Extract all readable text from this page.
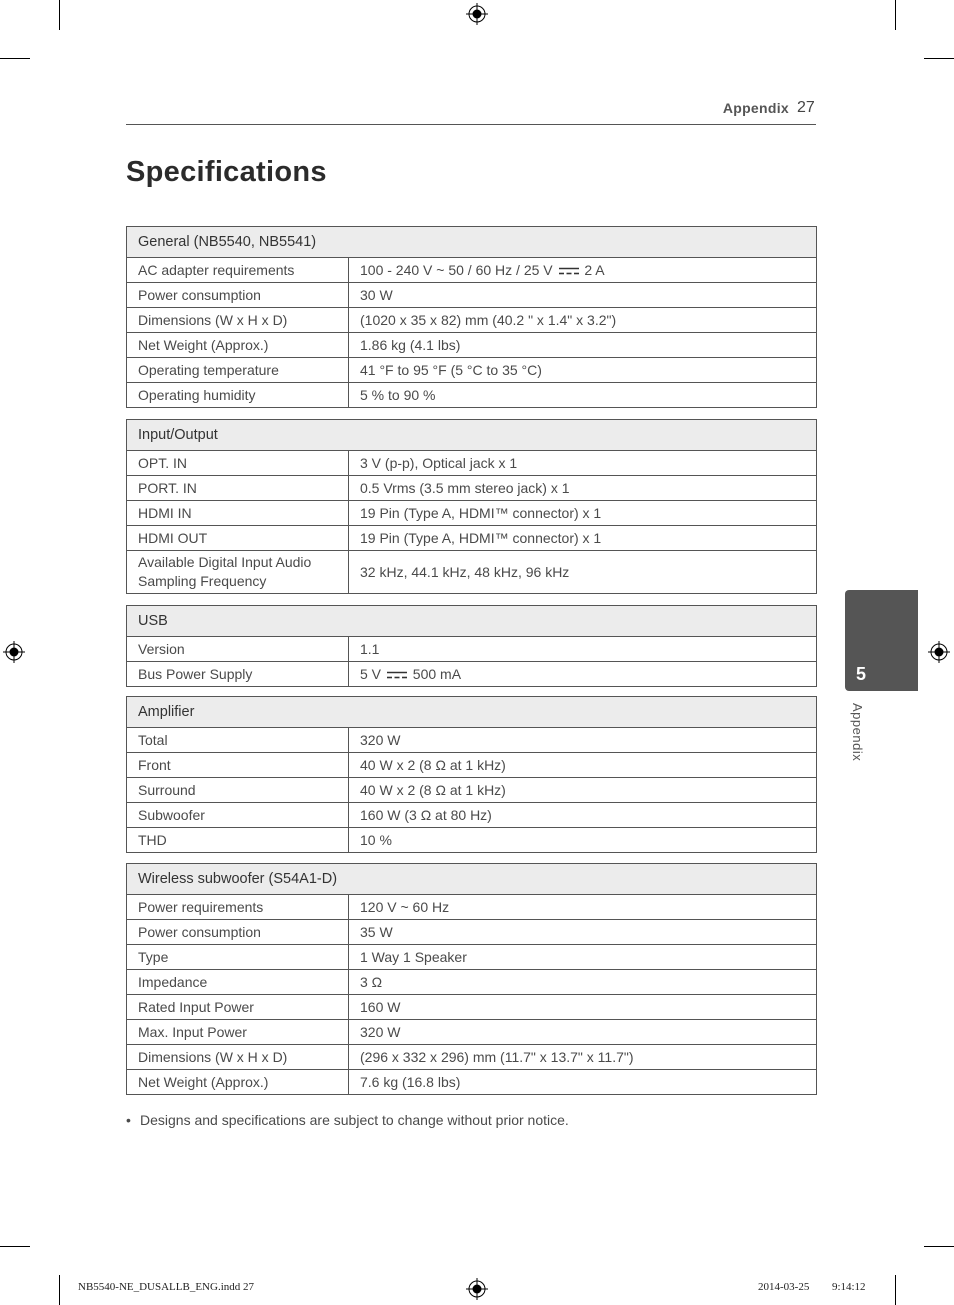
Appendix 27
Specifications
General (NB5540, NB5541)	
AC adapter requirements	100 - 240 V ~ 50 / 60 Hz / 25 V 2 A
Power consumption	30 W
Dimensions (W x H x D)	(1020 x 35 x 82) mm (40.2 " x 1.4" x 3.2")
Net Weight (Approx.)	1.86 kg (4.1 lbs)
Operating temperature	41 °F to 95 °F (5 °C to 35 °C)
Operating humidity	5 % to 90 %
Input/Output	
OPT. IN	3 V (p-p), Optical jack x 1
PORT. IN	0.5 Vrms (3.5 mm stereo jack) x 1
HDMI IN	19 Pin (Type A, HDMI™ connector) x 1
HDMI OUT	19 Pin (Type A, HDMI™ connector) x 1
Available Digital Input Audio Sampling Frequency	32 kHz, 44.1 kHz, 48 kHz, 96 kHz
USB	
Version	1.1
Bus Power Supply	5 V 500 mA
Amplifier	
Total	320 W
Front	40 W x 2 (8 Ω at 1 kHz)
Surround	40 W x 2 (8 Ω at 1 kHz)
Subwoofer	160 W (3 Ω at 80 Hz)
THD	10 %
Wireless subwoofer (S54A1-D)	
Power requirements	120 V ~ 60 Hz
Power consumption	35 W
Type	1 Way 1 Speaker
Impedance	3 Ω
Rated Input Power	160 W
Max. Input Power	320 W
Dimensions (W x H x D)	(296 x 332 x 296) mm (11.7" x 13.7" x 11.7")
Net Weight (Approx.)	7.6 kg (16.8 lbs)
5
Appendix
• Designs and specifications are subject to change without prior notice.
NB5540-NE_DUSALLB_ENG.indd 27	2014-03-25 ￿￿ 9:14:12
